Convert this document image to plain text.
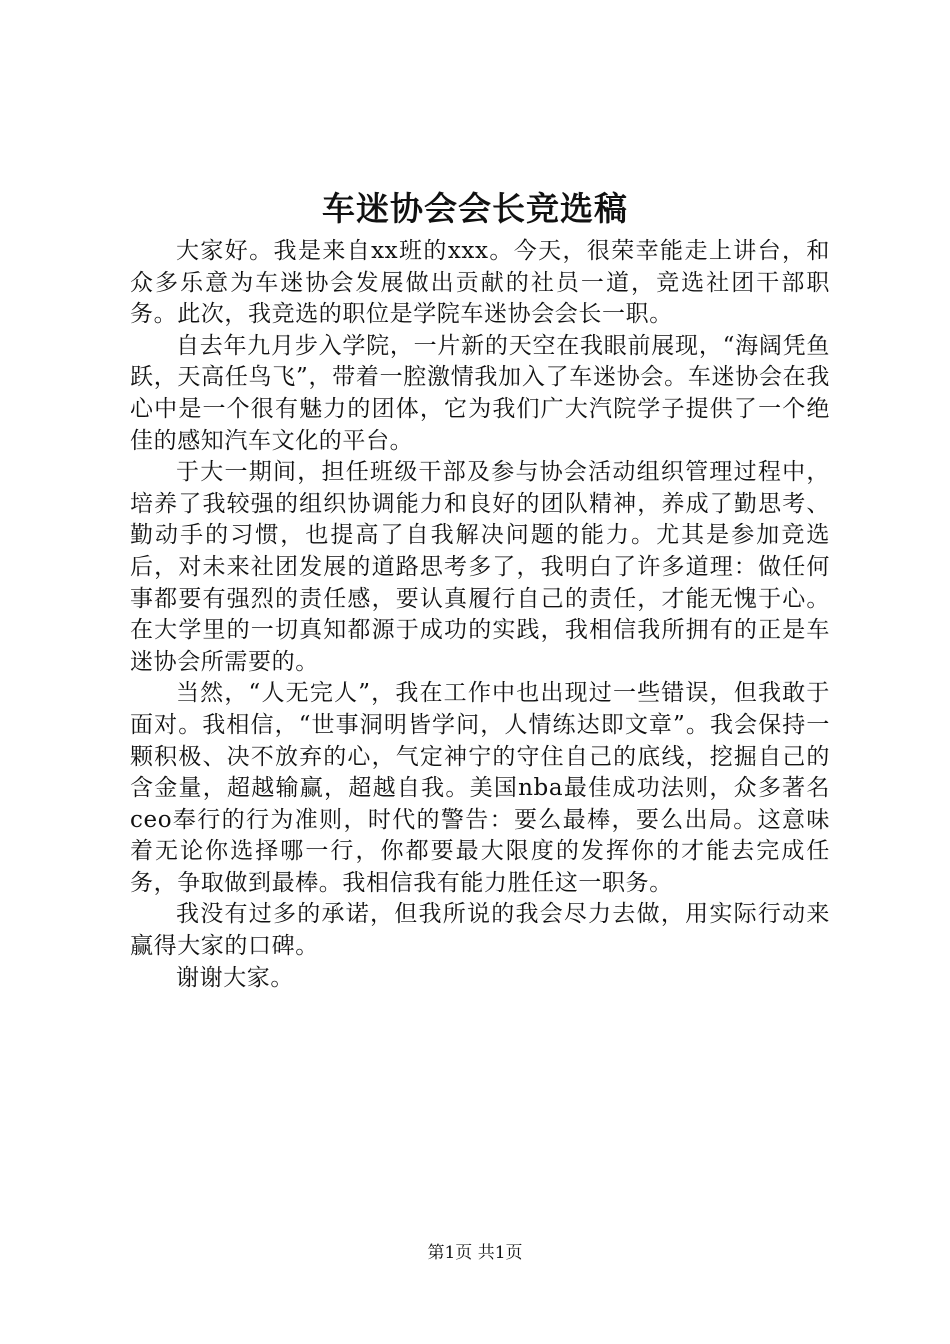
车迷协会会长竞选稿

大家好。我是来自xx班的xxx。今天，很荣幸能走上讲台，和众多乐意为车迷协会发展做出贡献的社员一道，竞选社团干部职务。此次，我竞选的职位是学院车迷协会会长一职。

自去年九月步入学院，一片新的天空在我眼前展现，“海阔凭鱼跃，天高任鸟飞”，带着一腔激情我加入了车迷协会。车迷协会在我心中是一个很有魅力的团体，它为我们广大汽院学子提供了一个绝佳的感知汽车文化的平台。

于大一期间，担任班级干部及参与协会活动组织管理过程中，培养了我较强的组织协调能力和良好的团队精神，养成了勤思考、勤动手的习惯，也提高了自我解决问题的能力。尤其是参加竞选后，对未来社团发展的道路思考多了，我明白了许多道理：做任何事都要有强烈的责任感，要认真履行自己的责任，才能无愧于心。在大学里的一切真知都源于成功的实践，我相信我所拥有的正是车迷协会所需要的。

当然，“人无完人”，我在工作中也出现过一些错误，但我敢于面对。我相信，“世事洞明皆学问，人情练达即文章”。我会保持一颗积极、决不放弃的心，气定神宁的守住自己的底线，挖掘自己的含金量，超越输赢，超越自我。美国nba最佳成功法则，众多著名ceo奉行的行为准则，时代的警告：要么最棒，要么出局。这意味着无论你选择哪一行，你都要最大限度的发挥你的才能去完成任务，争取做到最棒。我相信我有能力胜任这一职务。

我没有过多的承诺，但我所说的我会尽力去做，用实际行动来赢得大家的口碑。

谢谢大家。

第1页 共1页
